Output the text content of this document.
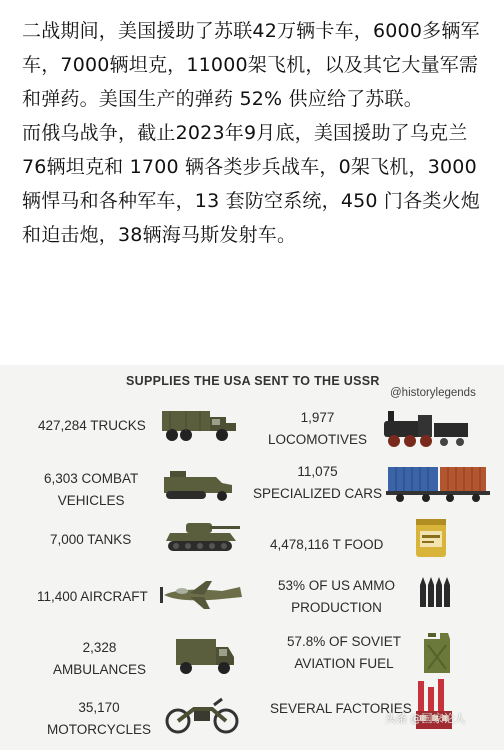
二战期间，美国援助了苏联42万辆卡车，6000多辆军车，7000辆坦克，11000架飞机，以及其它大量军需和弹药。美国生产的弹药 52% 供应给了苏联。

而俄乌战争，截止2023年9月底，美国援助了乌克兰 76辆坦克和 1700 辆各类步兵战车，0架飞机，3000辆悍马和各种军车，13 套防空系统，450 门各类火炮和迫击炮，38辆海马斯发射车。

SUPPLIES THE USA SENT TO THE USSR
@historylegends
427,284 TRUCKS
6,303 COMBAT
VEHICLES
7,000 TANKS
11,400 AIRCRAFT
2,328
AMBULANCES
35,170
MOTORCYCLES
1,977
LOCOMOTIVES
11,075
SPECIALIZED CARS
4,478,116 T FOOD
53% OF US AMMO
PRODUCTION
57.8% OF SOVIET
AVIATION FUEL
SEVERAL FACTORIES
头条 @国家论人
